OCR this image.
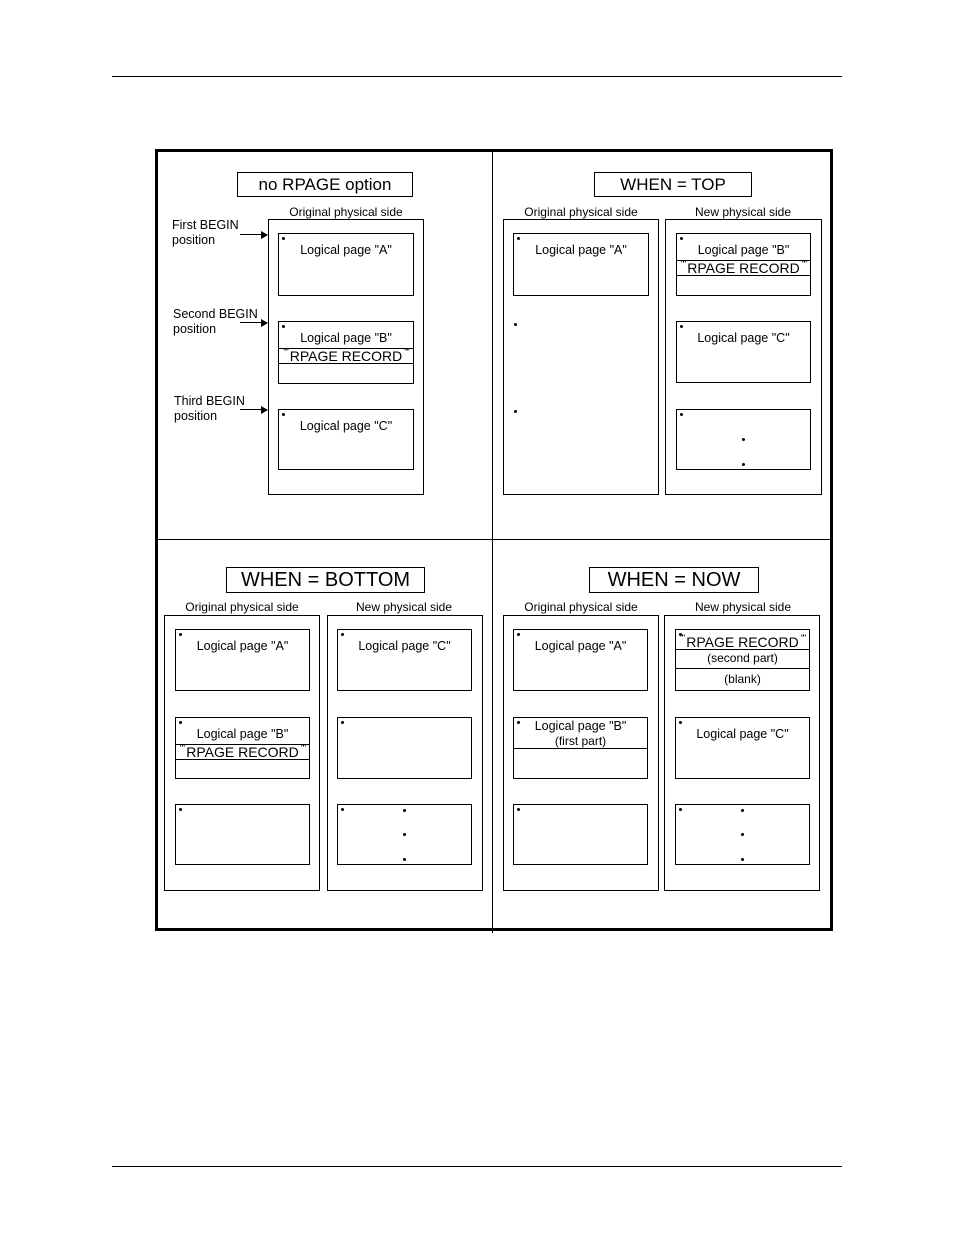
no RPAGE option
Original physical side
Logical page "A"
Logical page "B"
"" RPAGE RECORD ""
Logical page "C"
First BEGIN
position
Second BEGIN
position
Third BEGIN
position
WHEN = TOP
Original physical side
Logical page "A"
New physical side
Logical page "B"
"" RPAGE RECORD ""
Logical page "C"
WHEN = BOTTOM
Original physical side
Logical page "A"
Logical page "B"
"" RPAGE RECORD ""
New physical side
Logical page "C"
WHEN = NOW
Original physical side
Logical page "A"
Logical page "B"
(first part)
New physical side
"" RPAGE RECORD ""
(second part)
(blank)
Logical page "C"
